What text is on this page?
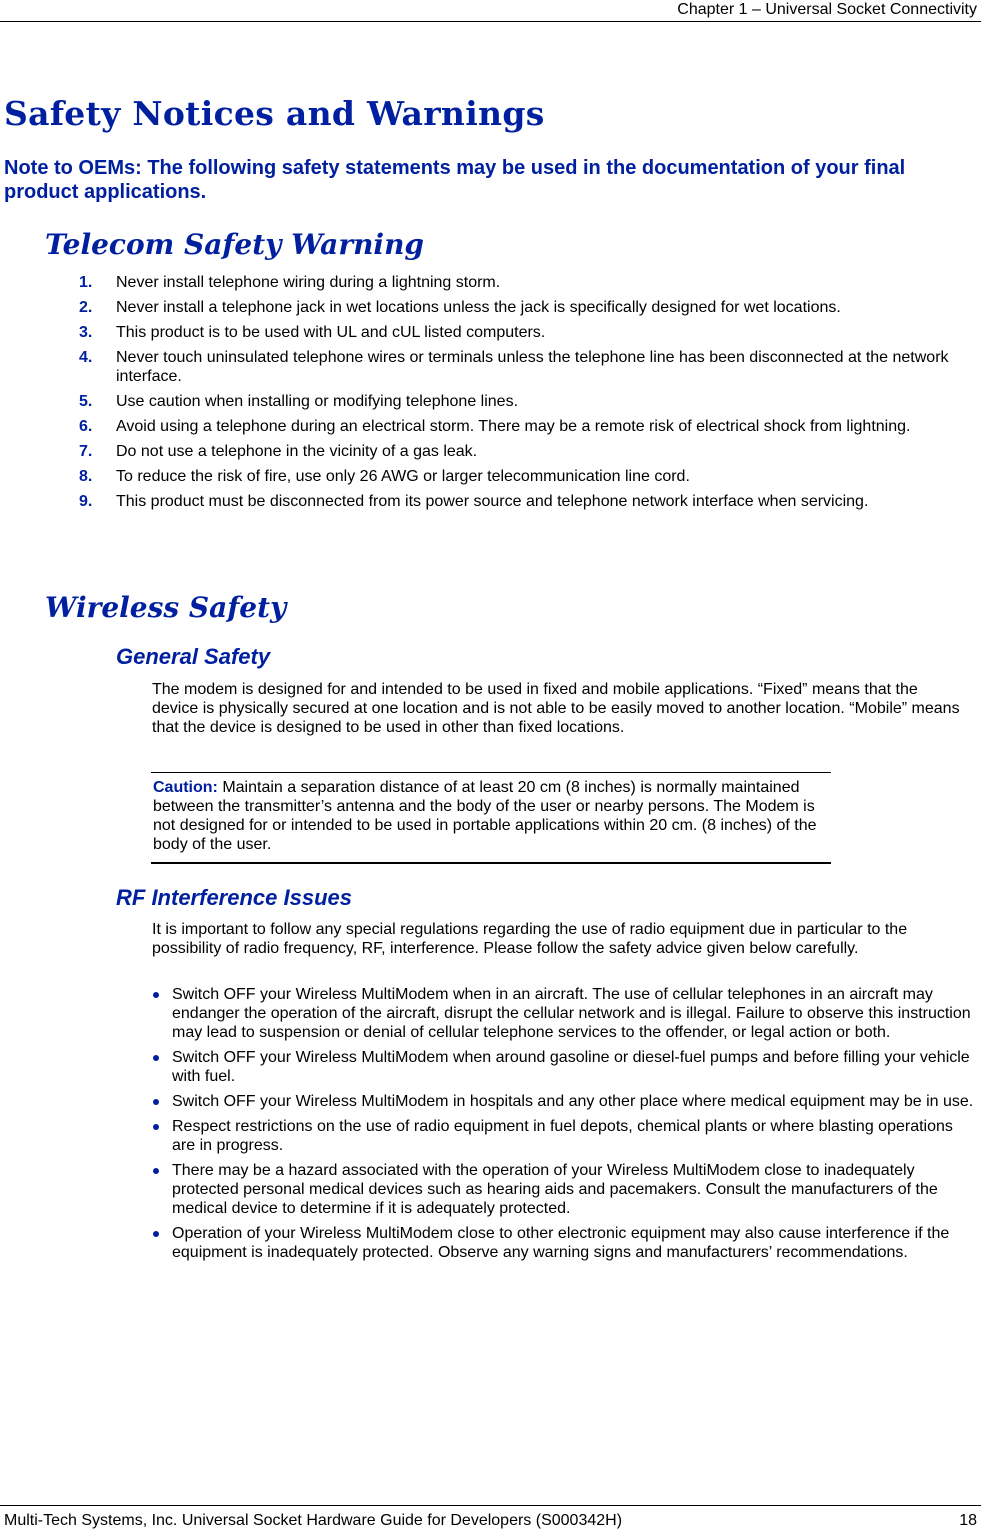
Chapter 1 – Universal Socket Connectivity
Safety Notices and Warnings

Note to OEMs: The following safety statements may be used in the documentation of your final product applications.

Telecom Safety Warning
1. Never install telephone wiring during a lightning storm.
2. Never install a telephone jack in wet locations unless the jack is specifically designed for wet locations.
3. This product is to be used with UL and cUL listed computers.
4. Never touch uninsulated telephone wires or terminals unless the telephone line has been disconnected at the network interface.
5. Use caution when installing or modifying telephone lines.
6. Avoid using a telephone during an electrical storm. There may be a remote risk of electrical shock from lightning.
7. Do not use a telephone in the vicinity of a gas leak.
8. To reduce the risk of fire, use only 26 AWG or larger telecommunication line cord.
9. This product must be disconnected from its power source and telephone network interface when servicing.
Wireless Safety
General Safety

The modem is designed for and intended to be used in fixed and mobile applications. “Fixed” means that the device is physically secured at one location and is not able to be easily moved to another location. “Mobile” means that the device is designed to be used in other than fixed locations.

Caution: Maintain a separation distance of at least 20 cm (8 inches) is normally maintained between the transmitter’s antenna and the body of the user or nearby persons. The Modem is not designed for or intended to be used in portable applications within 20 cm. (8 inches) of the body of the user.
RF Interference Issues

It is important to follow any special regulations regarding the use of radio equipment due in particular to the possibility of radio frequency, RF, interference. Please follow the safety advice given below carefully.

Switch OFF your Wireless MultiModem when in an aircraft. The use of cellular telephones in an aircraft may endanger the operation of the aircraft, disrupt the cellular network and is illegal. Failure to observe this instruction may lead to suspension or denial of cellular telephone services to the offender, or legal action or both.
Switch OFF your Wireless MultiModem when around gasoline or diesel-fuel pumps and before filling your vehicle with fuel.
Switch OFF your Wireless MultiModem in hospitals and any other place where medical equipment may be in use.
Respect restrictions on the use of radio equipment in fuel depots, chemical plants or where blasting operations are in progress.
There may be a hazard associated with the operation of your Wireless MultiModem close to inadequately protected personal medical devices such as hearing aids and pacemakers. Consult the manufacturers of the medical device to determine if it is adequately protected.
Operation of your Wireless MultiModem close to other electronic equipment may also cause interference if the equipment is inadequately protected. Observe any warning signs and manufacturers’ recommendations.
Multi-Tech Systems, Inc. Universal Socket Hardware Guide for Developers (S000342H)	18
